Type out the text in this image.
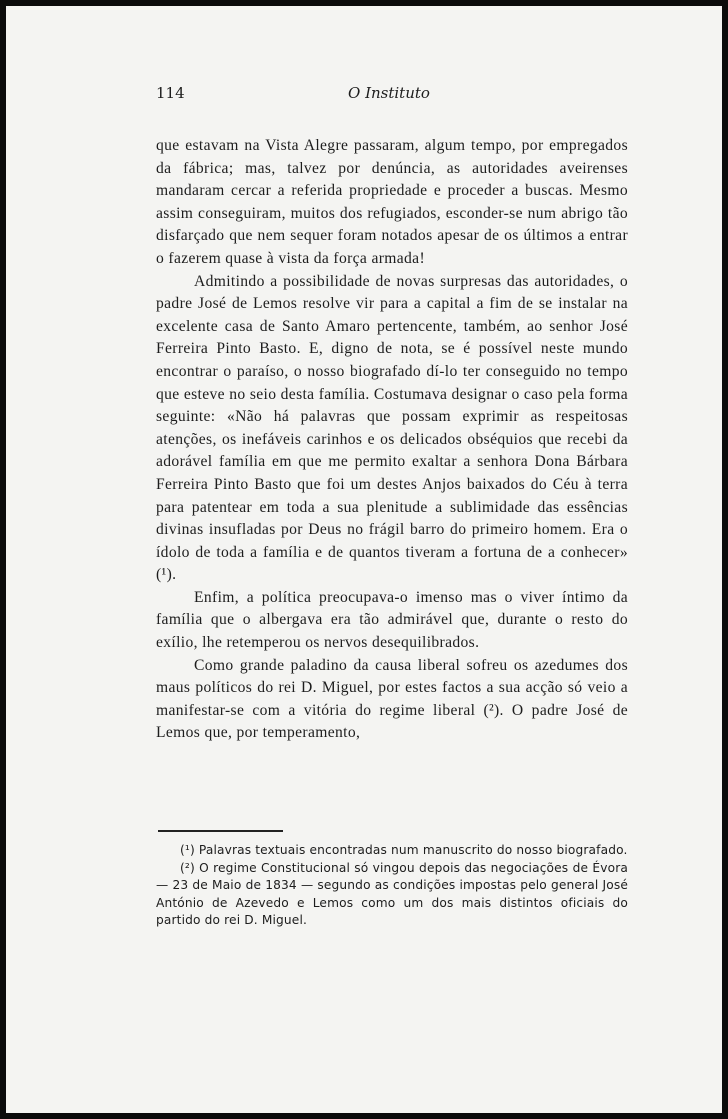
114	O Instituto

que estavam na Vista Alegre passaram, algum tempo, por empregados da fábrica; mas, talvez por denúncia, as autoridades aveirenses mandaram cercar a referida propriedade e proceder a buscas. Mesmo assim conseguiram, muitos dos refugiados, esconder-se num abrigo tão disfarçado que nem sequer foram notados apesar de os últimos a entrar o fazerem quase à vista da força armada!

Admitindo a possibilidade de novas surpresas das autoridades, o padre José de Lemos resolve vir para a capital a fim de se instalar na excelente casa de Santo Amaro pertencente, também, ao senhor José Ferreira Pinto Basto. E, digno de nota, se é possível neste mundo encontrar o paraíso, o nosso biografado dí-lo ter conseguido no tempo que esteve no seio desta família. Costumava designar o caso pela forma seguinte: «Não há palavras que possam exprimir as respeitosas atenções, os inefáveis carinhos e os delicados obséquios que recebi da adorável família em que me permito exaltar a senhora Dona Bárbara Ferreira Pinto Basto que foi um destes Anjos baixados do Céu à terra para patentear em toda a sua plenitude a sublimidade das essências divinas insufladas por Deus no frágil barro do primeiro homem. Era o ídolo de toda a família e de quantos tiveram a fortuna de a conhecer» (¹).

Enfim, a política preocupava-o imenso mas o viver íntimo da família que o albergava era tão admirável que, durante o resto do exílio, lhe retemperou os nervos desequilibrados.

Como grande paladino da causa liberal sofreu os azedumes dos maus políticos do rei D. Miguel, por estes factos a sua acção só veio a manifestar-se com a vitória do regime liberal (²). O padre José de Lemos que, por temperamento,

(¹) Palavras textuais encontradas num manuscrito do nosso biografado.

(²) O regime Constitucional só vingou depois das negociações de Évora — 23 de Maio de 1834 — segundo as condições impostas pelo general José António de Azevedo e Lemos como um dos mais distintos oficiais do partido do rei D. Miguel.
